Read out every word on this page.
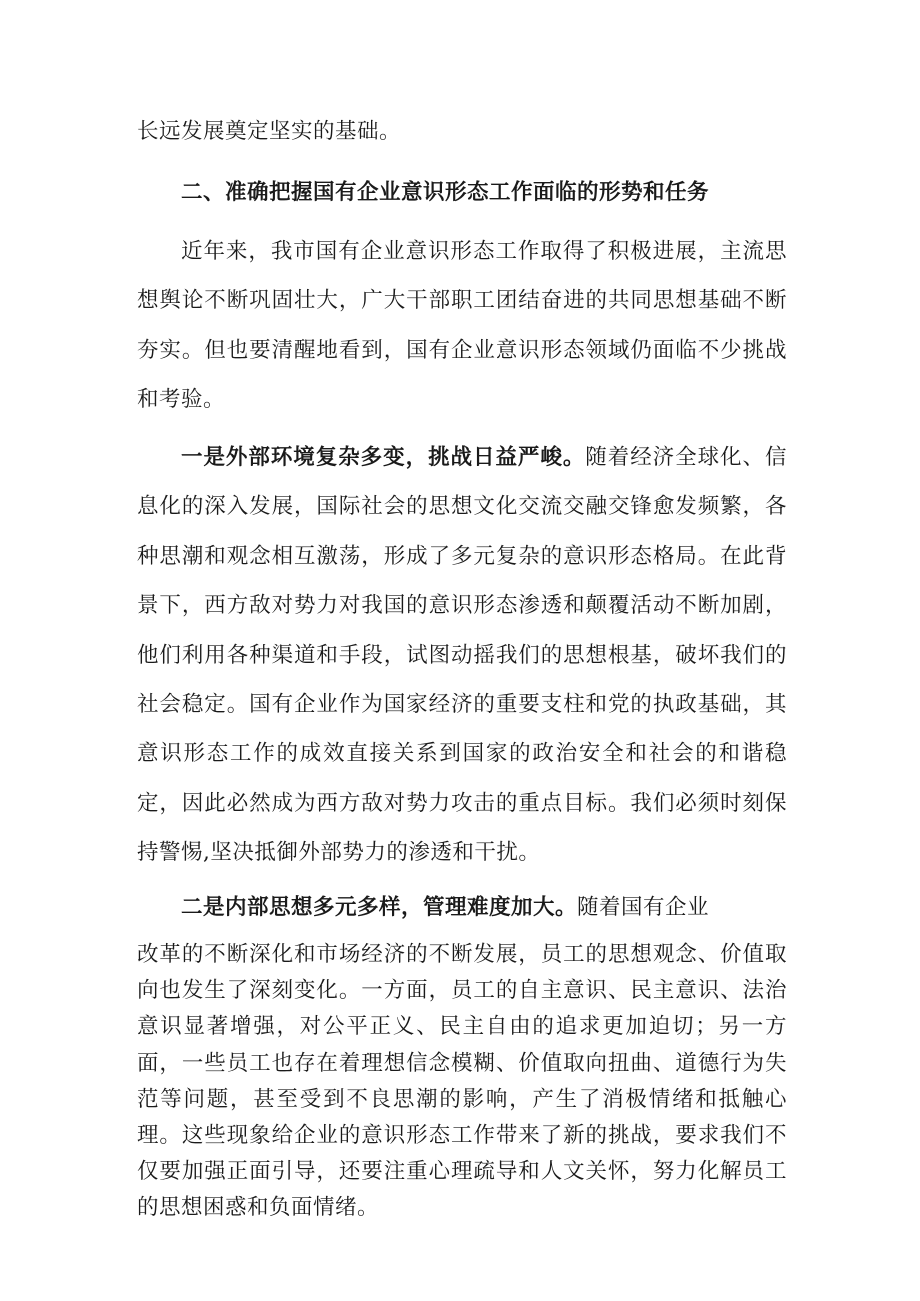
长远发展奠定坚实的基础。

二、准确把握国有企业意识形态工作面临的形势和任务

近年来，我市国有企业意识形态工作取得了积极进展，主流思想舆论不断巩固壮大，广大干部职工团结奋进的共同思想基础不断夯实。但也要清醒地看到，国有企业意识形态领域仍面临不少挑战和考验。

一是外部环境复杂多变，挑战日益严峻。随着经济全球化、信息化的深入发展，国际社会的思想文化交流交融交锋愈发频繁，各种思潮和观念相互激荡，形成了多元复杂的意识形态格局。在此背景下，西方敌对势力对我国的意识形态渗透和颠覆活动不断加剧，他们利用各种渠道和手段，试图动摇我们的思想根基，破坏我们的社会稳定。国有企业作为国家经济的重要支柱和党的执政基础，其意识形态工作的成效直接关系到国家的政治安全和社会的和谐稳定，因此必然成为西方敌对势力攻击的重点目标。我们必须时刻保持警惕,坚决抵御外部势力的渗透和干扰。

二是内部思想多元多样，管理难度加大。随着国有企业

改革的不断深化和市场经济的不断发展，员工的思想观念、价值取向也发生了深刻变化。一方面，员工的自主意识、民主意识、法治意识显著增强，对公平正义、民主自由的追求更加迫切；另一方面，一些员工也存在着理想信念模糊、价值取向扭曲、道德行为失范等问题，甚至受到不良思潮的影响，产生了消极情绪和抵触心理。这些现象给企业的意识形态工作带来了新的挑战，要求我们不仅要加强正面引导，还要注重心理疏导和人文关怀，努力化解员工的思想困惑和负面情绪。
